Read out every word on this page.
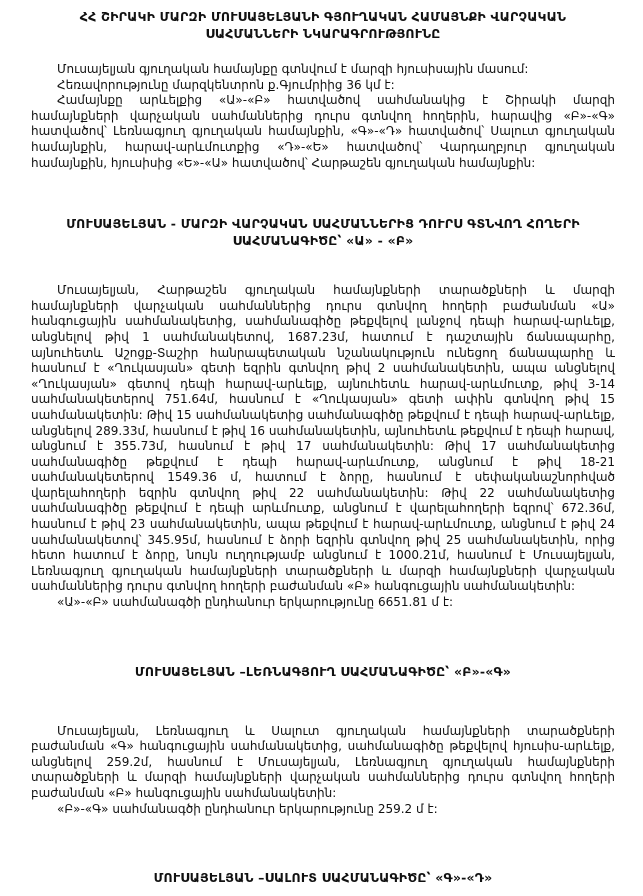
ՀՀ ՇԻՐԱԿԻ ՄԱՐԶԻ ՄՈՒՍԱՅԵԼՅԱՆԻ ԳՅՈՒՂԱԿԱՆ ՀԱՄԱՅՆՔԻ ՎԱՐՉԱԿԱՆ ՍԱՀՄԱՆՆԵՐԻ ՆԿԱՐԱԳՐՈՒԹՅՈՒՆԸ

Մուսայելյան գյուղական համայնքը գտնվում է մարզի հյուսիսային մասում:

Հեռավորությունը մարզկենտրոն ք.Գյումրիից 36 կմ է:

Համայնքը արևելքից «Ա»-«Բ» հատվածով սահմանակից է Շիրակի մարզի համայնքների վարչական սահմաններից դուրս գտնվող հողերին, հարավից «Բ»-«Գ» հատվածով՝ Լեռնագյուղ գյուղական համայնքին, «Գ»-«Դ» հատվածով՝ Սալուտ գյուղական համայնքին, հարավ-արևմուտքից «Դ»-«Ե» հատվածով՝ Վարդաղբյուր գյուղական համայնքին, հյուսիսից «Ե»-«Ա» հատվածով՝ Հարթաշեն գյուղական համայնքին:

ՄՈՒՍԱՅԵԼՅԱՆ - ՄԱՐԶԻ ՎԱՐՉԱԿԱՆ ՍԱՀՄԱՆՆԵՐԻՑ ԴՈՒՐՍ ԳՏՆՎՈՂ ՀՈՂԵՐԻ ՍԱՀՄԱՆԱԳԻԾԸ՝ «Ա» - «Բ»

Մուսայելյան, Հարթաշեն գյուղական համայնքների տարածքների և մարզի համայնքների վարչական սահմաններից դուրս գտնվող հողերի բաժանման «Ա» հանգուցային սահմանակետից, սահմանագիծը թեքվելով լանջով դեպի հարավ-արևելք, անցնելով թիվ 1 սահմանակետով, 1687.23մ, հատում է դաշտային ճանապարհը, այնուհետև Աշոցք-Տաշիր հանրապետական նշանակություն ունեցող ճանապարհը և հասնում է «Ղուկասյան» գետի եզրին գտնվող թիվ 2 սահմանակետին, ապա անցնելով «Ղուկասյան» գետով դեպի հարավ-արևելք, այնուհետև հարավ-արևմուտք, թիվ 3-14 սահմանակետերով 751.64մ, հասնում է «Ղուկասյան» գետի ափին գտնվող թիվ 15 սահմանակետին: Թիվ 15 սահմանակետից սահմանագիծը թեքվում է դեպի հարավ-արևելք, անցնելով 289.33մ, հասնում է թիվ 16 սահմանակետին, այնուհետև թեքվում է դեպի հարավ, անցնում է 355.73մ, հասնում է թիվ 17 սահմանակետին: Թիվ 17 սահմանակետից սահմանագիծը թեքվում է դեպի հարավ-արևմուտք, անցնում է թիվ 18-21 սահմանակետերով 1549.36 մ, հատում է ձորը, հասնում է սեփականաշնորհված վարելահողերի եզրին գտնվող թիվ 22 սահմանակետին: Թիվ 22 սահմանակետից սահմանագիծը թեքվում է դեպի արևմուտք, անցնում է վարելահողերի եզրով՝ 672.36մ, հասնում է թիվ 23 սահմանակետին, ապա թեքվում է հարավ-արևմուտք, անցնում է թիվ 24 սահմանակետով՝ 345.95մ, հասնում է ձորի եզրին գտնվող թիվ 25 սահմանակետին, որից հետո հատում է ձորը, նույն ուղղությամբ անցնում է 1000.21մ, հասնում է Մուսայելյան, Լեռնագյուղ գյուղական համայնքների տարածքների և մարզի համայնքների վարչական սահմաններից դուրս գտնվող հողերի բաժանման «Բ» հանգուցային սահմանակետին:

«Ա»-«Բ» սահմանագծի ընդհանուր երկարությունը 6651.81 մ է:

ՄՈՒՍԱՅԵԼՅԱՆ –ԼԵՌՆԱԳՅՈՒՂ ՍԱՀՄԱՆԱԳԻԾԸ՝ «Բ»-«Գ»

Մուսայելյան, Լեռնագյուղ և Սալուտ գյուղական համայնքների տարածքների բաժանման «Գ» հանգուցային սահմանակետից, սահմանագիծը թեքվելով հյուսիս-արևելք, անցնելով 259.2մ, հասնում է Մուսայելյան, Լեռնագյուղ գյուղական համայնքների տարածքների և մարզի համայնքների վարչական սահմաններից դուրս գտնվող հողերի բաժանման «Բ» հանգուցային սահմանակետին:

«Բ»-«Գ» սահմանագծի ընդհանուր երկարությունը 259.2 մ է:

ՄՈՒՍԱՅԵԼՅԱՆ –ՍԱԼՈՒՏ ՍԱՀՄԱՆԱԳԻԾԸ՝ «Գ»-«Դ»
